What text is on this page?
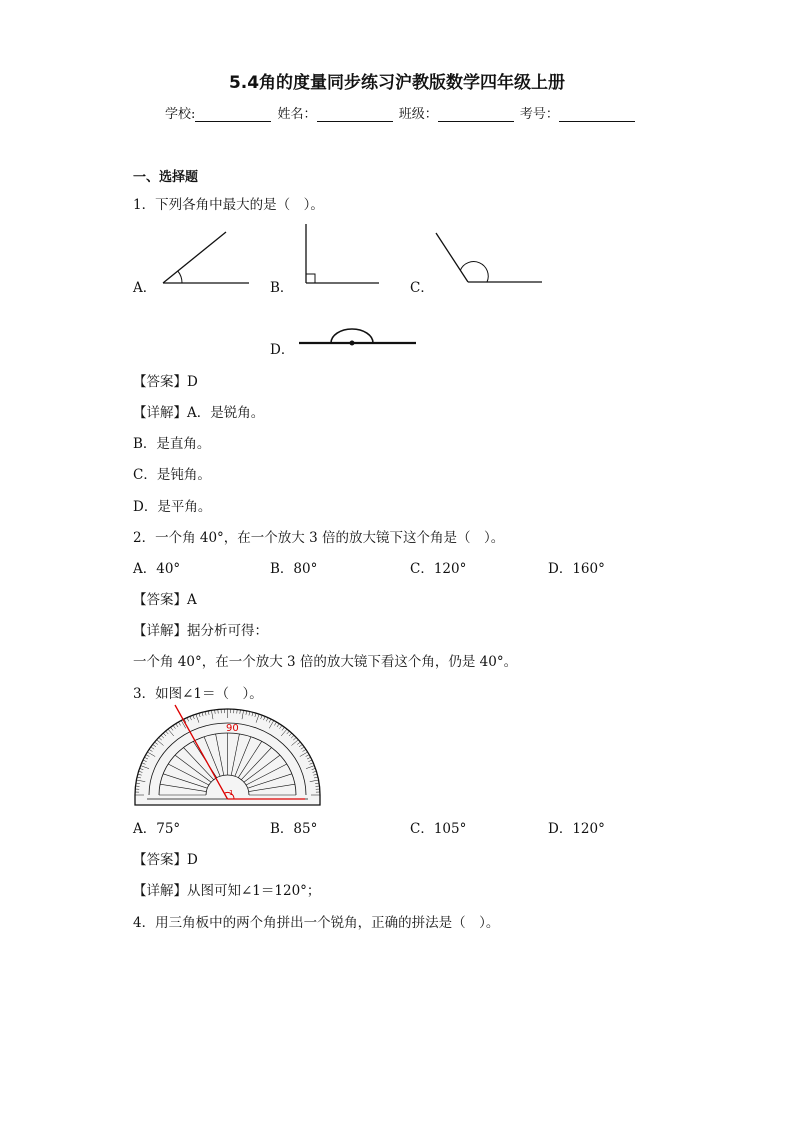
5.4角的度量同步练习沪教版数学四年级上册
学校:	姓名：	班级：	考号：
一、选择题
1．下列各角中最大的是（　）。
A．	B．	C．
D．
【答案】D
【详解】A．是锐角。
B．是直角。
C．是钝角。
D．是平角。
2．一个角 40°，在一个放大 3 倍的放大镜下这个角是（　）。
A．40°	B．80°	C．120°	D．160°
【答案】A
【详解】据分析可得：
一个角 40°，在一个放大 3 倍的放大镜下看这个角，仍是 40°。
3．如图∠1＝（　）。
90
1
A．75°	B．85°	C．105°	D．120°
【答案】D
【详解】从图可知∠1＝120°；
4．用三角板中的两个角拼出一个锐角，正确的拼法是（　）。
